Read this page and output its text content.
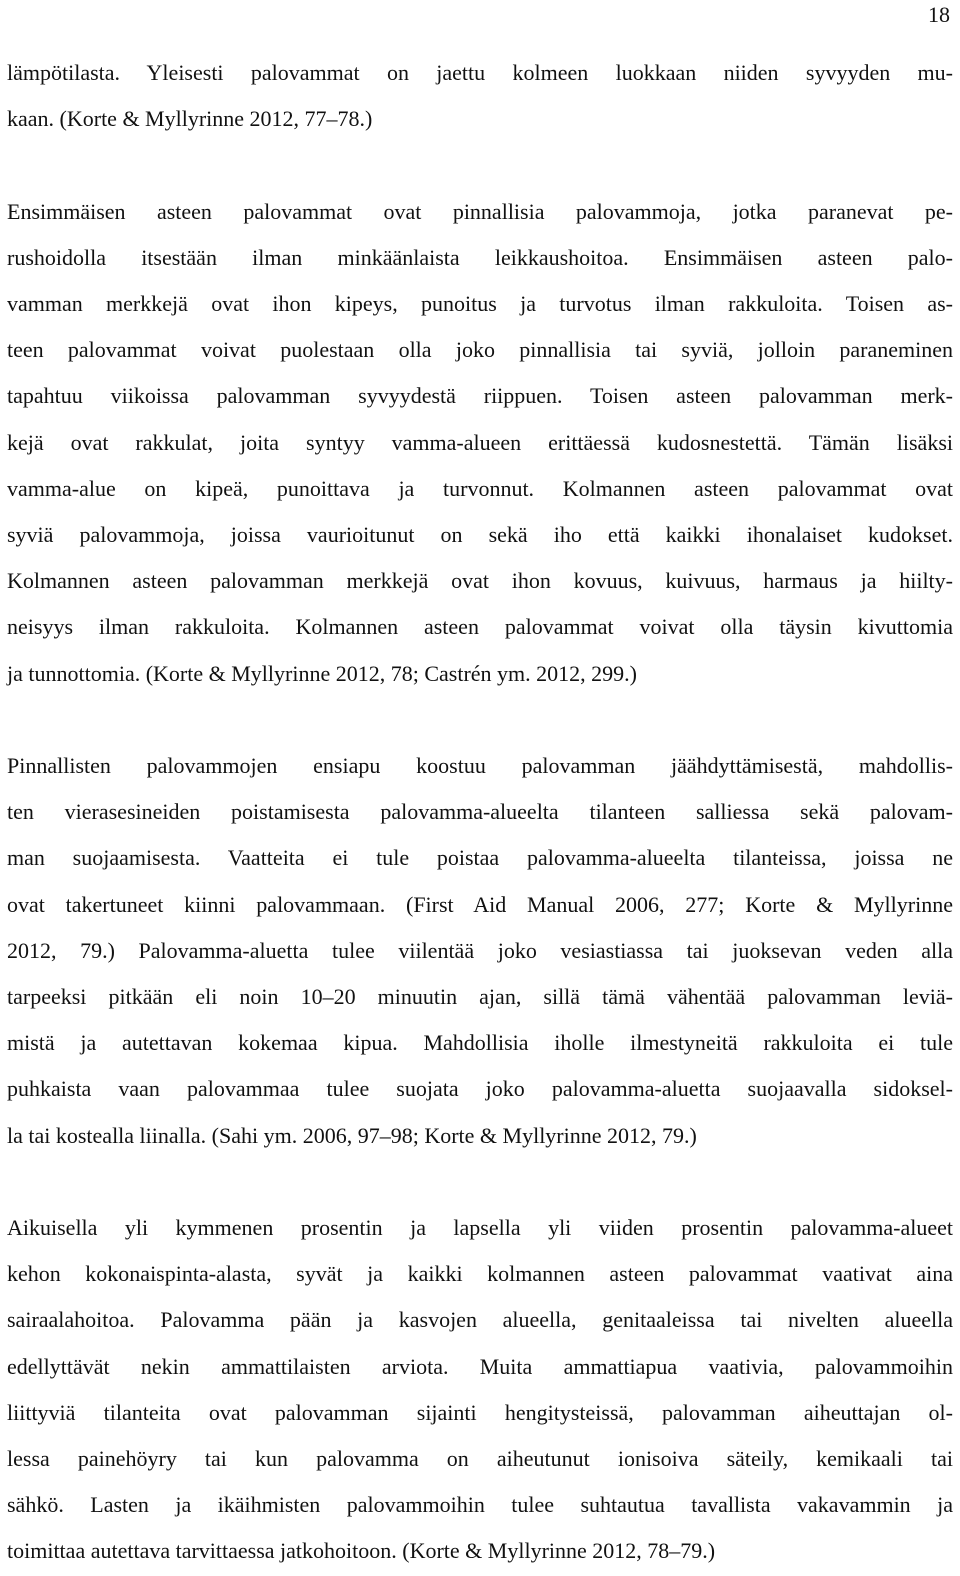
18
lämpötilasta. Yleisesti palovammat on jaettu kolmeen luokkaan niiden syvyyden mu-
kaan. (Korte & Myllyrinne 2012, 77–78.)
Ensimmäisen asteen palovammat ovat pinnallisia palovammoja, jotka paranevat pe-
rushoidolla itsestään ilman minkäänlaista leikkaushoitoa. Ensimmäisen asteen palo-
vamman merkkejä ovat ihon kipeys, punoitus ja turvotus ilman rakkuloita. Toisen as-
teen palovammat voivat puolestaan olla joko pinnallisia tai syviä, jolloin paraneminen
tapahtuu viikoissa palovamman syvyydestä riippuen. Toisen asteen palovamman merk-
kejä ovat rakkulat, joita syntyy vamma-alueen erittäessä kudosnestettä. Tämän lisäksi
vamma-alue on kipeä, punoittava ja turvonnut. Kolmannen asteen palovammat ovat
syviä palovammoja, joissa vaurioitunut on sekä iho että kaikki ihonalaiset kudokset.
Kolmannen asteen palovamman merkkejä ovat ihon kovuus, kuivuus, harmaus ja hiilty-
neisyys ilman rakkuloita. Kolmannen asteen palovammat voivat olla täysin kivuttomia
ja tunnottomia. (Korte & Myllyrinne 2012, 78; Castrén ym. 2012, 299.)
Pinnallisten palovammojen ensiapu koostuu palovamman jäähdyttämisestä, mahdollis-
ten vierasesineiden poistamisesta palovamma-alueelta tilanteen salliessa sekä palovam-
man suojaamisesta. Vaatteita ei tule poistaa palovamma-alueelta tilanteissa, joissa ne
ovat takertuneet kiinni palovammaan. (First Aid Manual 2006, 277; Korte & Myllyrinne
2012, 79.) Palovamma-aluetta tulee viilentää joko vesiastiassa tai juoksevan veden alla
tarpeeksi pitkään eli noin 10–20 minuutin ajan, sillä tämä vähentää palovamman leviä-
mistä ja autettavan kokemaa kipua. Mahdollisia iholle ilmestyneitä rakkuloita ei tule
puhkaista vaan palovammaa tulee suojata joko palovamma-aluetta suojaavalla sidoksel-
la tai kostealla liinalla. (Sahi ym. 2006, 97–98; Korte & Myllyrinne 2012, 79.)
Aikuisella yli kymmenen prosentin ja lapsella yli viiden prosentin palovamma-alueet
kehon kokonaispinta-alasta, syvät ja kaikki kolmannen asteen palovammat vaativat aina
sairaalahoitoa. Palovamma pään ja kasvojen alueella, genitaaleissa tai nivelten alueella
edellyttävät nekin ammattilaisten arviota. Muita ammattiapua vaativia, palovammoihin
liittyviä tilanteita ovat palovamman sijainti hengitysteissä, palovamman aiheuttajan ol-
lessa painehöyry tai kun palovamma on aiheutunut ionisoiva säteily, kemikaali tai
sähkö. Lasten ja ikäihmisten palovammoihin tulee suhtautua tavallista vakavammin ja
toimittaa autettava tarvittaessa jatkohoitoon. (Korte & Myllyrinne 2012, 78–79.)
